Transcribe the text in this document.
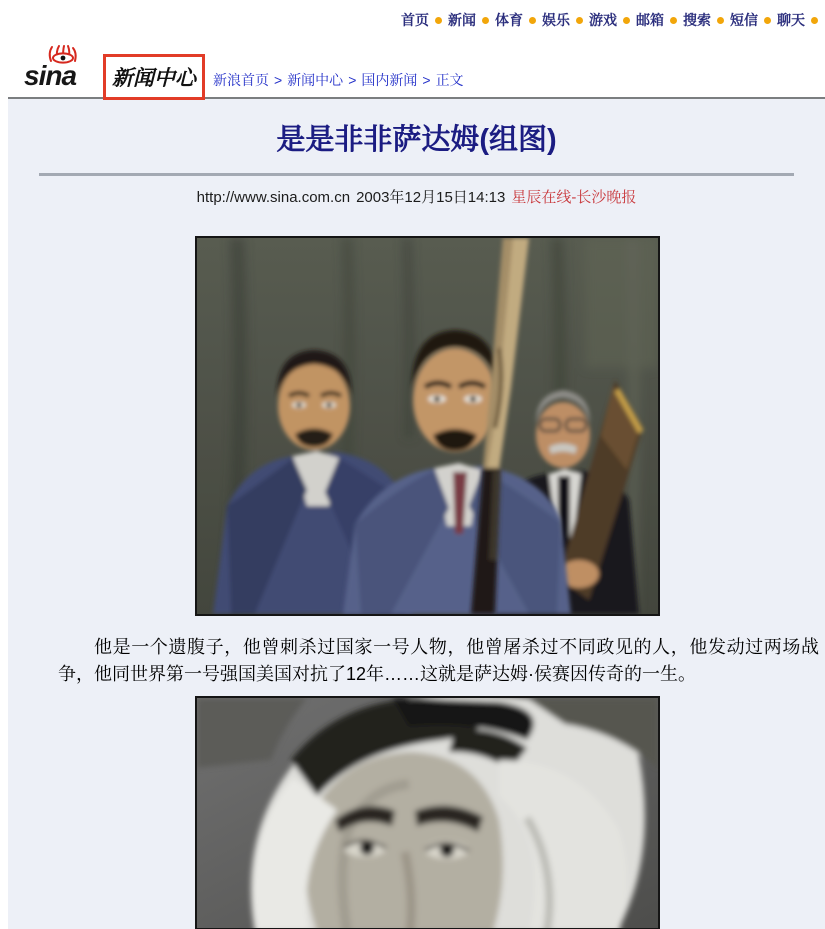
首页 新闻 体育 娱乐 游戏 邮箱 搜索 短信 聊天
sina 新闻中心 新浪首页 > 新闻中心 > 国内新闻 > 正文
是是非非萨达姆(组图)
http://www.sina.com.cn 2003年12月15日14:13 星辰在线-长沙晚报

他是一个遗腹子，他曾刺杀过国家一号人物，他曾屠杀过不同政见的人，他发动过两场战争，他同世界第一号强国美国对抗了12年……这就是萨达姆·侯赛因传奇的一生。
